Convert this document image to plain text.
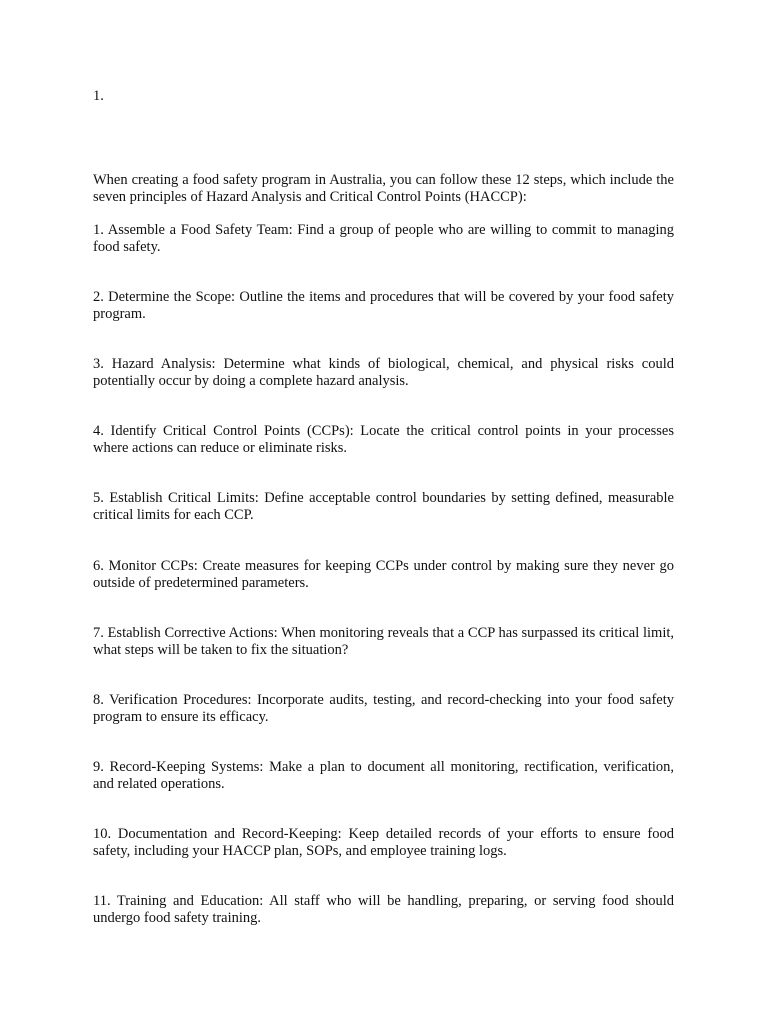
1.

When creating a food safety program in Australia, you can follow these 12 steps, which include the seven principles of Hazard Analysis and Critical Control Points (HACCP):

1. Assemble a Food Safety Team: Find a group of people who are willing to commit to managing food safety.

2. Determine the Scope: Outline the items and procedures that will be covered by your food safety program.

3. Hazard Analysis: Determine what kinds of biological, chemical, and physical risks could potentially occur by doing a complete hazard analysis.

4. Identify Critical Control Points (CCPs): Locate the critical control points in your processes where actions can reduce or eliminate risks.

5. Establish Critical Limits: Define acceptable control boundaries by setting defined, measurable critical limits for each CCP.

6. Monitor CCPs: Create measures for keeping CCPs under control by making sure they never go outside of predetermined parameters.

7. Establish Corrective Actions: When monitoring reveals that a CCP has surpassed its critical limit, what steps will be taken to fix the situation?

8. Verification Procedures: Incorporate audits, testing, and record-checking into your food safety program to ensure its efficacy.

9. Record-Keeping Systems: Make a plan to document all monitoring, rectification, verification, and related operations.

10. Documentation and Record-Keeping: Keep detailed records of your efforts to ensure food safety, including your HACCP plan, SOPs, and employee training logs.

11. Training and Education: All staff who will be handling, preparing, or serving food should undergo food safety training.
